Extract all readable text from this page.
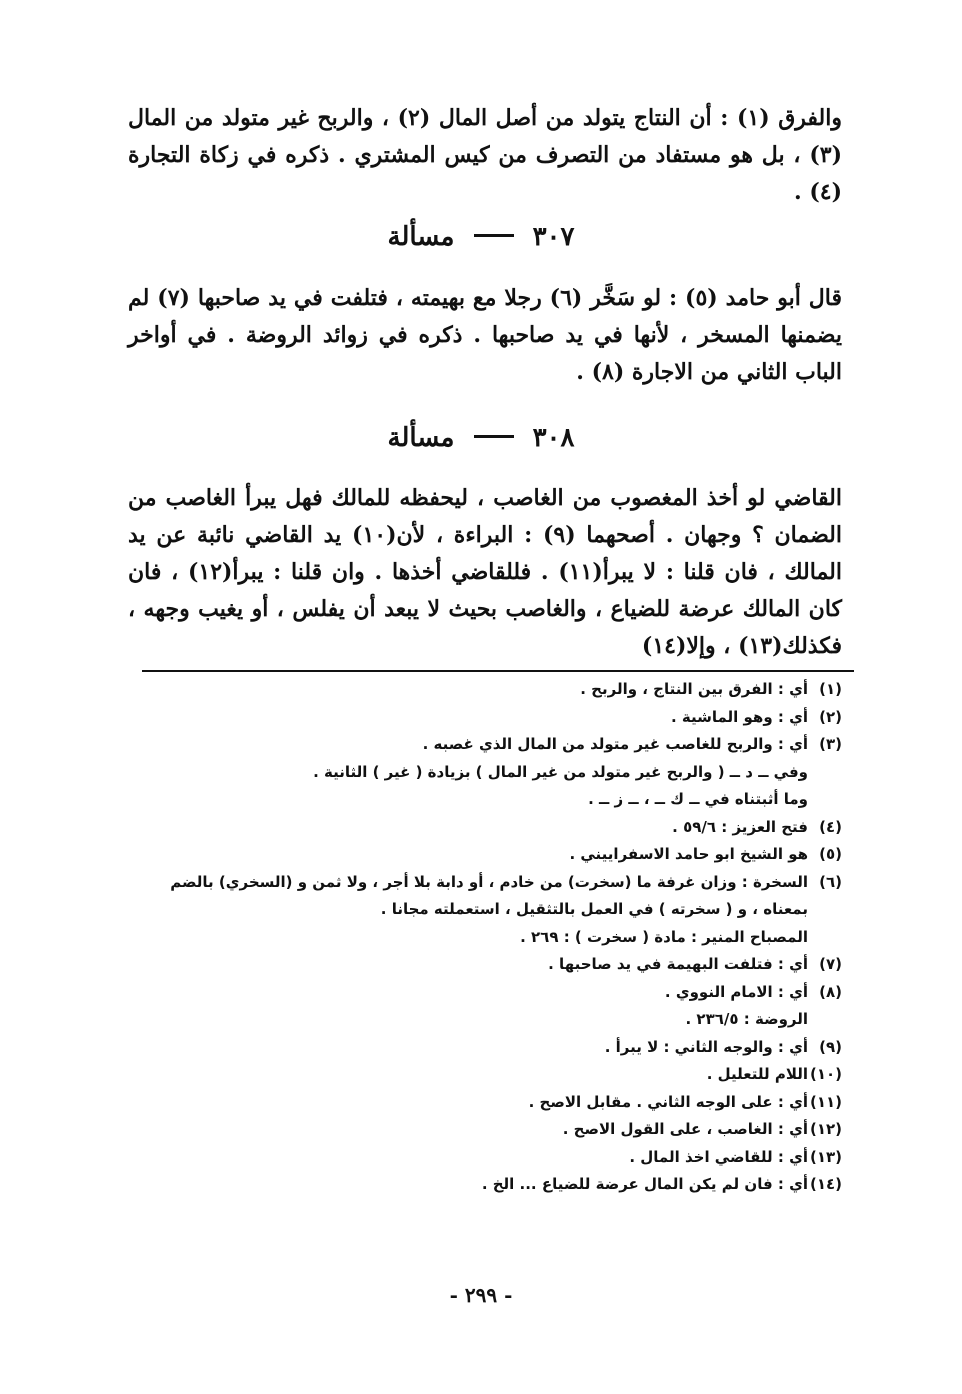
والفرق (١) : أن النتاج يتولد من أصل المال (٢) ، والربح غير متولد من المال (٣) ، بل هو مستفاد من التصرف من كيس المشتري . ذكره في زكاة التجارة (٤) .

٣٠٧  مسألة

قال أبو حامد (٥) : لو سَخَّر (٦) رجلا مع بهيمته ، فتلفت في يد صاحبها (٧) لم يضمنها المسخر ، لأنها في يد صاحبها . ذكره في زوائد الروضة . في أواخر الباب الثاني من الاجارة (٨) .

٣٠٨  مسألة

القاضي لو أخذ المغصوب من الغاصب ، ليحفظه للمالك فهل يبرأ الغاصب من الضمان ؟ وجهان . أصحهما (٩) : البراءة ، لأن(١٠) يد القاضي نائبة عن يد المالك ، فان قلنا : لا يبرأ(١١) . فللقاضي أخذها . وان قلنا : يبرأ(١٢) ، فان كان المالك عرضة للضياع ، والغاصب بحيث لا يبعد أن يفلس ، أو يغيب وجهه ، فكذلك(١٣) ، وإلا(١٤)

(١)أي : الفرق بين النتاج ، والربح .
(٢)أي : وهو الماشية .
(٣)أي : والربح للغاصب غير متولد من المال الذي غصبه .
وفي ــ د ــ ( والربح غير متولد من غير المال ) بزيادة ( غير ) الثانية .
وما أثبتناه في ــ ك ــ ، ــ ز ــ .
(٤)فتح العزيز : ٥٩/٦ .
(٥)هو الشيخ ابو حامد الاسفراييني .
(٦)السخرة : وزان غرفة ما (سخرت) من خادم ، أو دابة بلا أجر ، ولا ثمن و (السخري) بالضم
بمعناه ، و ( سخرته ) في العمل بالتثقيل ، استعملته مجانا .
المصباح المنير : مادة ( سخرت ) : ٢٦٩ .
(٧)أي : فتلفت البهيمة في يد صاحبها .
(٨)أي : الامام النووي .
الروضة : ٢٣٦/٥ .
(٩)أي : والوجه الثاني : لا يبرأ .
(١٠)اللام للتعليل .
(١١)أي : على الوجه الثاني . مقابل الاصح .
(١٢)أي : الغاصب ، على القول الاصح .
(١٣)أي : للقاضي اخذ المال .
(١٤)أي : فان لم يكن المال عرضة للضياع ... الخ .
- ٢٩٩ -
